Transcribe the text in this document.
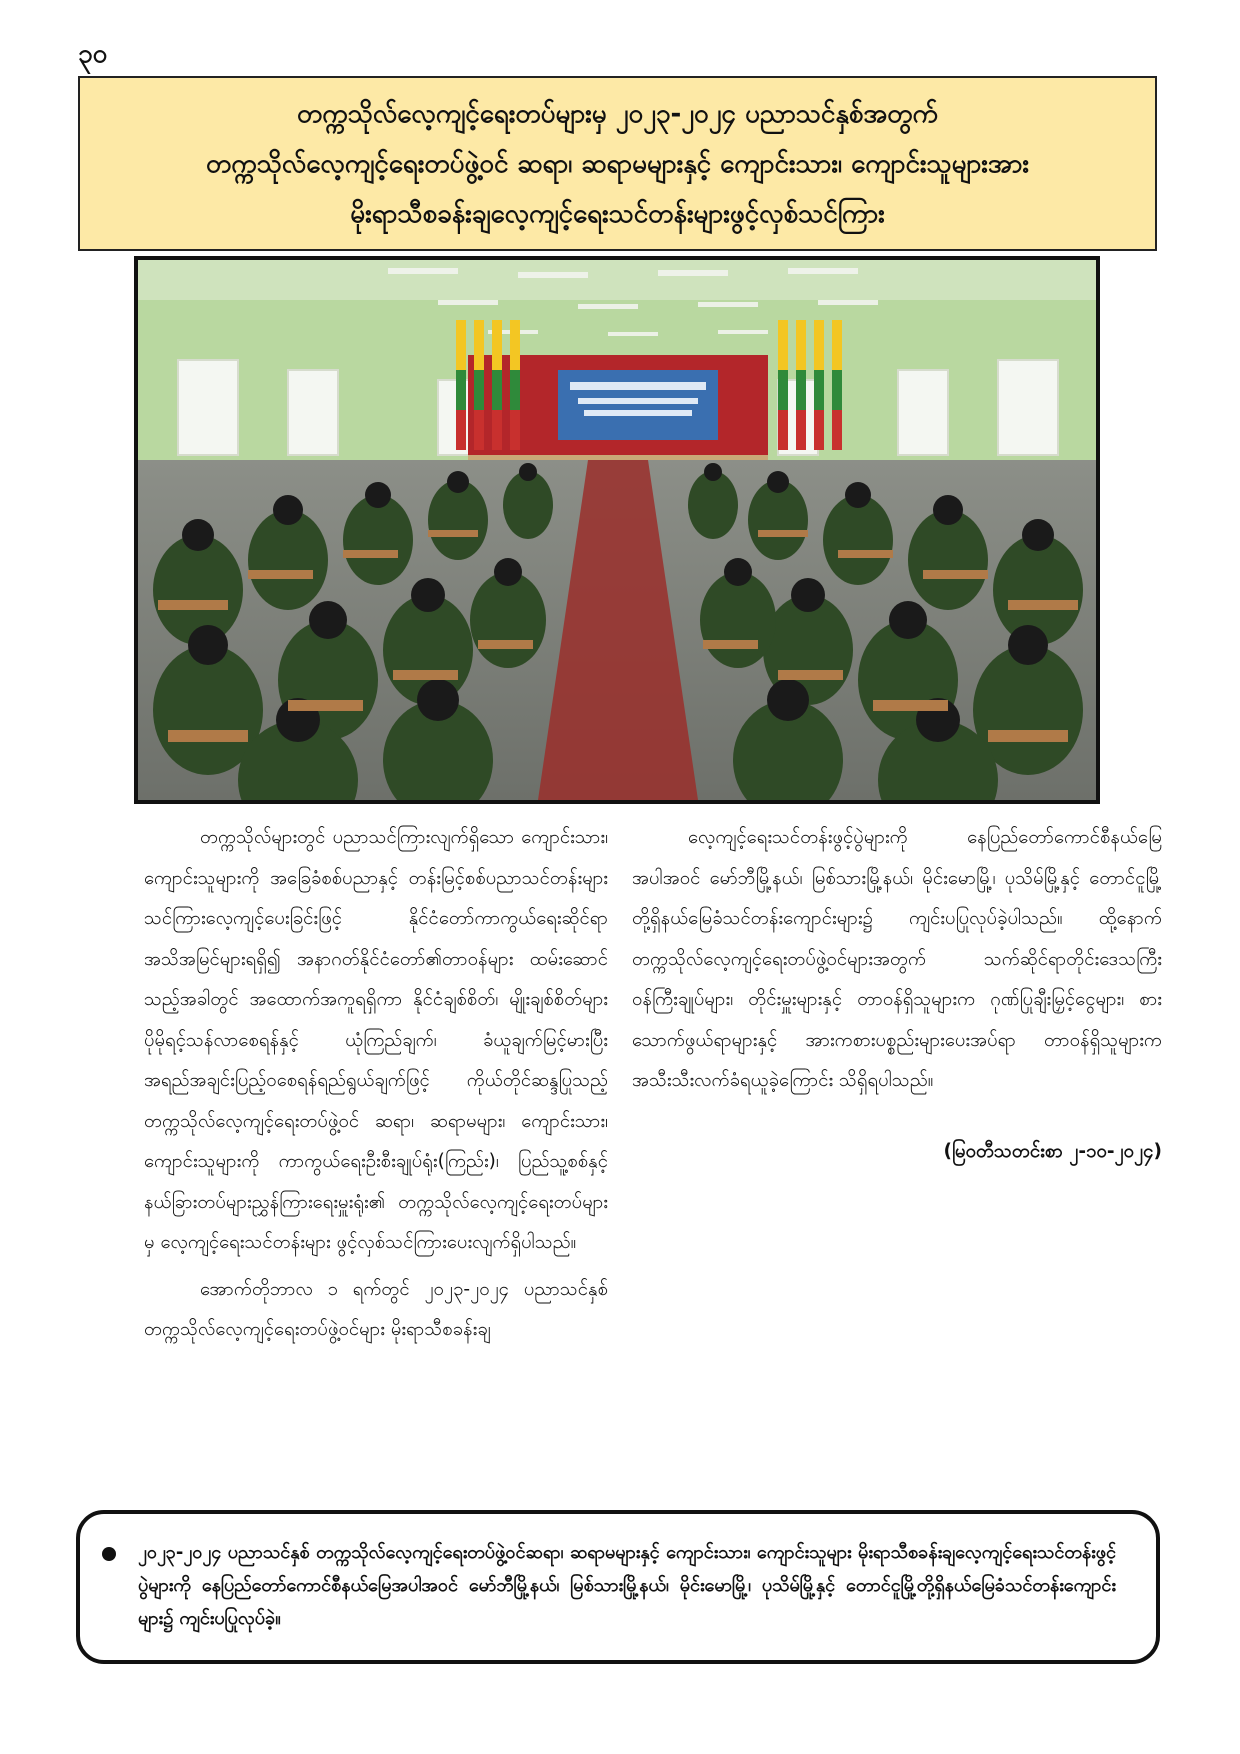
၃၀
တက္ကသိုလ်လေ့ကျင့်ရေးတပ်များမှ ၂၀၂၃-၂၀၂၄ ပညာသင်နှစ်အတွက်
တက္ကသိုလ်လေ့ကျင့်ရေးတပ်ဖွဲ့ဝင် ဆရာ၊ ဆရာမများနှင့် ကျောင်းသား၊ ကျောင်းသူများအား
မိုးရာသီစခန်းချလေ့ကျင့်ရေးသင်တန်းများဖွင့်လှစ်သင်ကြား

တက္ကသိုလ်များတွင် ပညာသင်ကြားလျက်ရှိသော ကျောင်းသား၊ ကျောင်းသူများကို အခြေခံစစ်ပညာနှင့် တန်းမြင့်စစ်ပညာသင်တန်းများ သင်ကြားလေ့ကျင့်ပေးခြင်းဖြင့် နိုင်ငံတော်ကာကွယ်ရေးဆိုင်ရာ အသိအမြင်များရရှိ၍ အနာဂတ်နိုင်ငံတော်၏တာဝန်များ ထမ်းဆောင်သည့်အခါတွင် အထောက်အကူရရှိကာ နိုင်ငံချစ်စိတ်၊ မျိုးချစ်စိတ်များ ပိုမိုရင့်သန်လာစေရန်နှင့် ယုံကြည်ချက်၊ ခံယူချက်မြင့်မားပြီး အရည်အချင်းပြည့်ဝစေရန်ရည်ရွယ်ချက်ဖြင့် ကိုယ်တိုင်ဆန္ဒပြုသည့် တက္ကသိုလ်လေ့ကျင့်ရေးတပ်ဖွဲ့ဝင် ဆရာ၊ ဆရာမများ၊ ကျောင်းသား၊ ကျောင်းသူများကို ကာကွယ်ရေးဦးစီးချုပ်ရုံး(ကြည်း)၊ ပြည်သူ့စစ်နှင့်နယ်ခြားတပ်များညွှန်ကြားရေးမှူးရုံး၏ တက္ကသိုလ်လေ့ကျင့်ရေးတပ်များမှ လေ့ကျင့်ရေးသင်တန်းများ ဖွင့်လှစ်သင်ကြားပေးလျက်ရှိပါသည်။

အောက်တိုဘာလ ၁ ရက်တွင် ၂၀၂၃-၂၀၂၄ ပညာသင်နှစ် တက္ကသိုလ်လေ့ကျင့်ရေးတပ်ဖွဲ့ဝင်များ မိုးရာသီစခန်းချ

လေ့ကျင့်ရေးသင်တန်းဖွင့်ပွဲများကို နေပြည်တော်ကောင်စီနယ်မြေအပါအဝင် မော်ဘီမြို့နယ်၊ မြစ်သားမြို့နယ်၊ မိုင်းမောမြို့၊ ပုသိမ်မြို့နှင့် တောင်ငူမြို့တို့ရှိနယ်မြေခံသင်တန်းကျောင်းများ၌ ကျင်းပပြုလုပ်ခဲ့ပါသည်။ ထို့နောက် တက္ကသိုလ်လေ့ကျင့်ရေးတပ်ဖွဲ့ဝင်များအတွက် သက်ဆိုင်ရာတိုင်းဒေသကြီး ဝန်ကြီးချုပ်များ၊ တိုင်းမှူးများနှင့် တာဝန်ရှိသူများက ဂုဏ်ပြုချီးမြှင့်ငွေများ၊ စားသောက်ဖွယ်ရာများနှင့် အားကစားပစ္စည်းများပေးအပ်ရာ တာဝန်ရှိသူများက အသီးသီးလက်ခံရယူခဲ့ကြောင်း သိရှိရပါသည်။

(မြဝတီသတင်းစာ ၂-၁၀-၂၀၂၄)

၂၀၂၃-၂၀၂၄ ပညာသင်နှစ် တက္ကသိုလ်လေ့ကျင့်ရေးတပ်ဖွဲ့ဝင်ဆရာ၊ ဆရာမများနှင့် ကျောင်းသား၊ ကျောင်းသူများ မိုးရာသီစခန်းချလေ့ကျင့်ရေးသင်တန်းဖွင့်ပွဲများကို နေပြည်တော်ကောင်စီနယ်မြေအပါအဝင် မော်ဘီမြို့နယ်၊ မြစ်သားမြို့နယ်၊ မိုင်းမောမြို့၊ ပုသိမ်မြို့နှင့် တောင်ငူမြို့တို့ရှိနယ်မြေခံသင်တန်းကျောင်းများ၌ ကျင်းပပြုလုပ်ခဲ့။
